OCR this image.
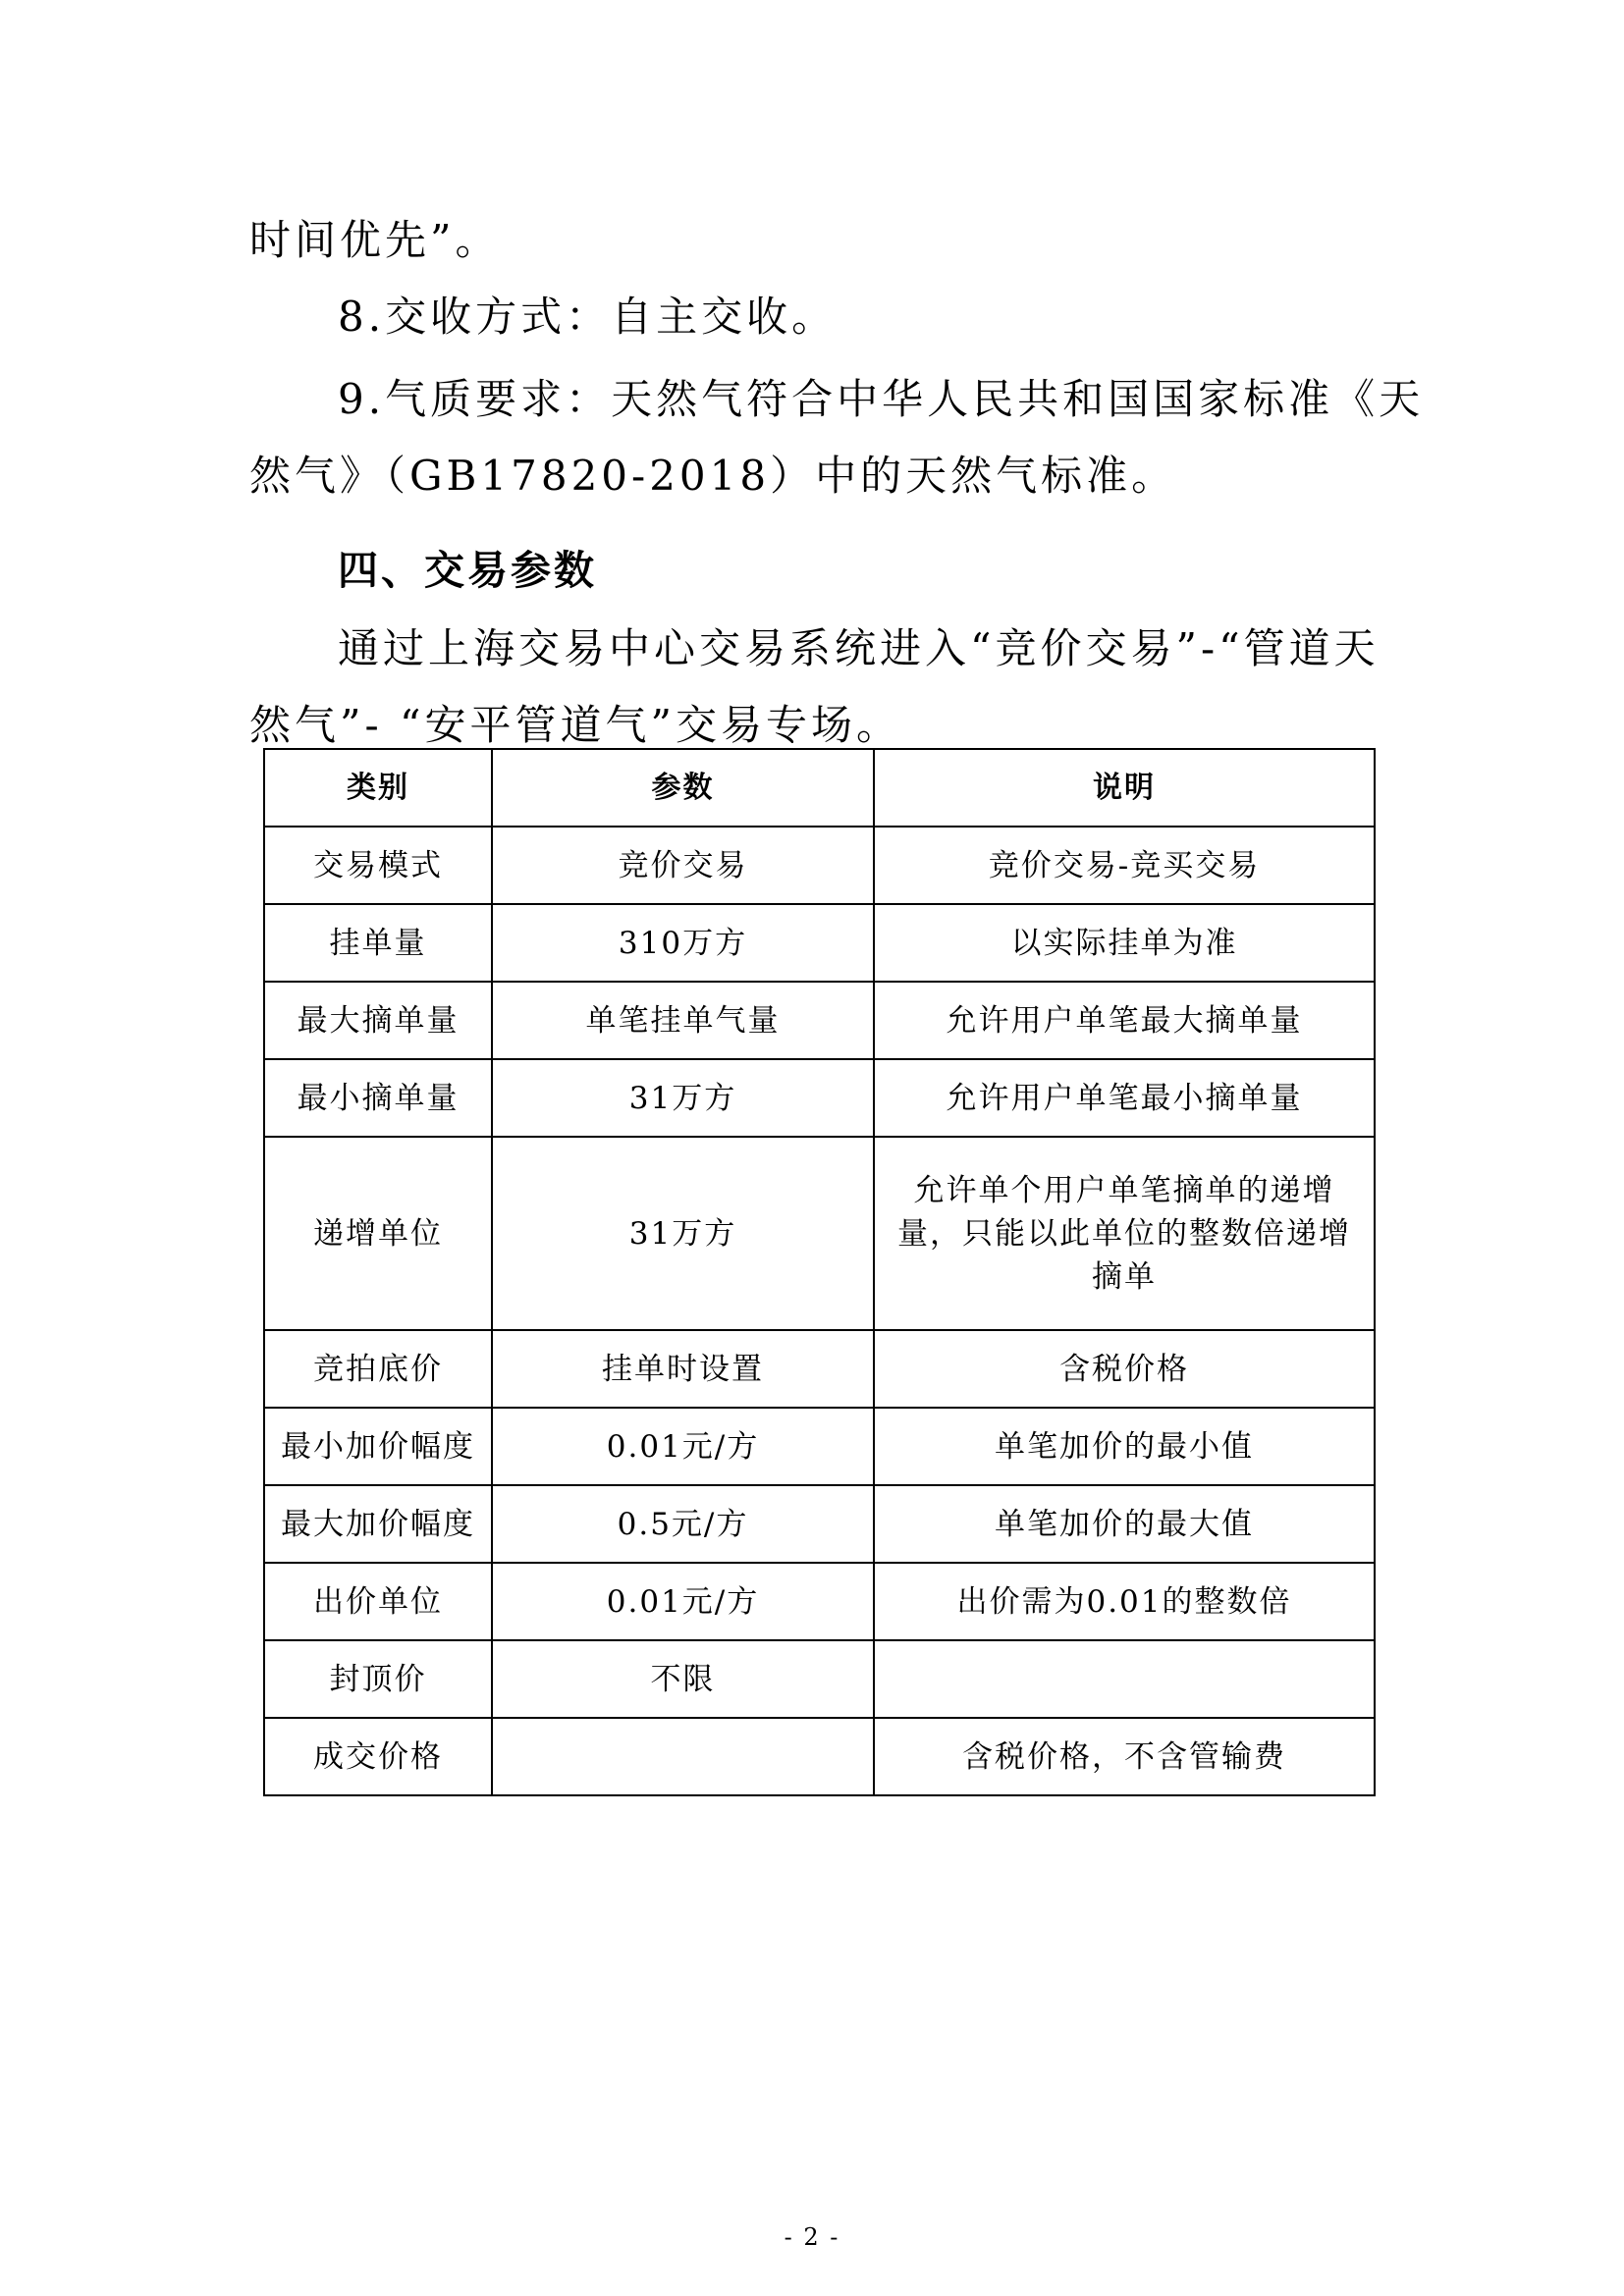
时间优先”。

8.交收方式：自主交收。

9.气质要求：天然气符合中华人民共和国国家标准《天

然气》（GB17820-2018）中的天然气标准。

四、交易参数

通过上海交易中心交易系统进入“竞价交易”-“管道天

然气”- “安平管道气”交易专场。

类别	参数	说明
交易模式	竞价交易	竞价交易-竞买交易
挂单量	310万方	以实际挂单为准
最大摘单量	单笔挂单气量	允许用户单笔最大摘单量
最小摘单量	31万方	允许用户单笔最小摘单量
递增单位	31万方	允许单个用户单笔摘单的递增量，只能以此单位的整数倍递增摘单
竞拍底价	挂单时设置	含税价格
最小加价幅度	0.01元/方	单笔加价的最小值
最大加价幅度	0.5元/方	单笔加价的最大值
出价单位	0.01元/方	出价需为0.01的整数倍
封顶价	不限	
成交价格		含税价格，不含管输费
- 2 -
